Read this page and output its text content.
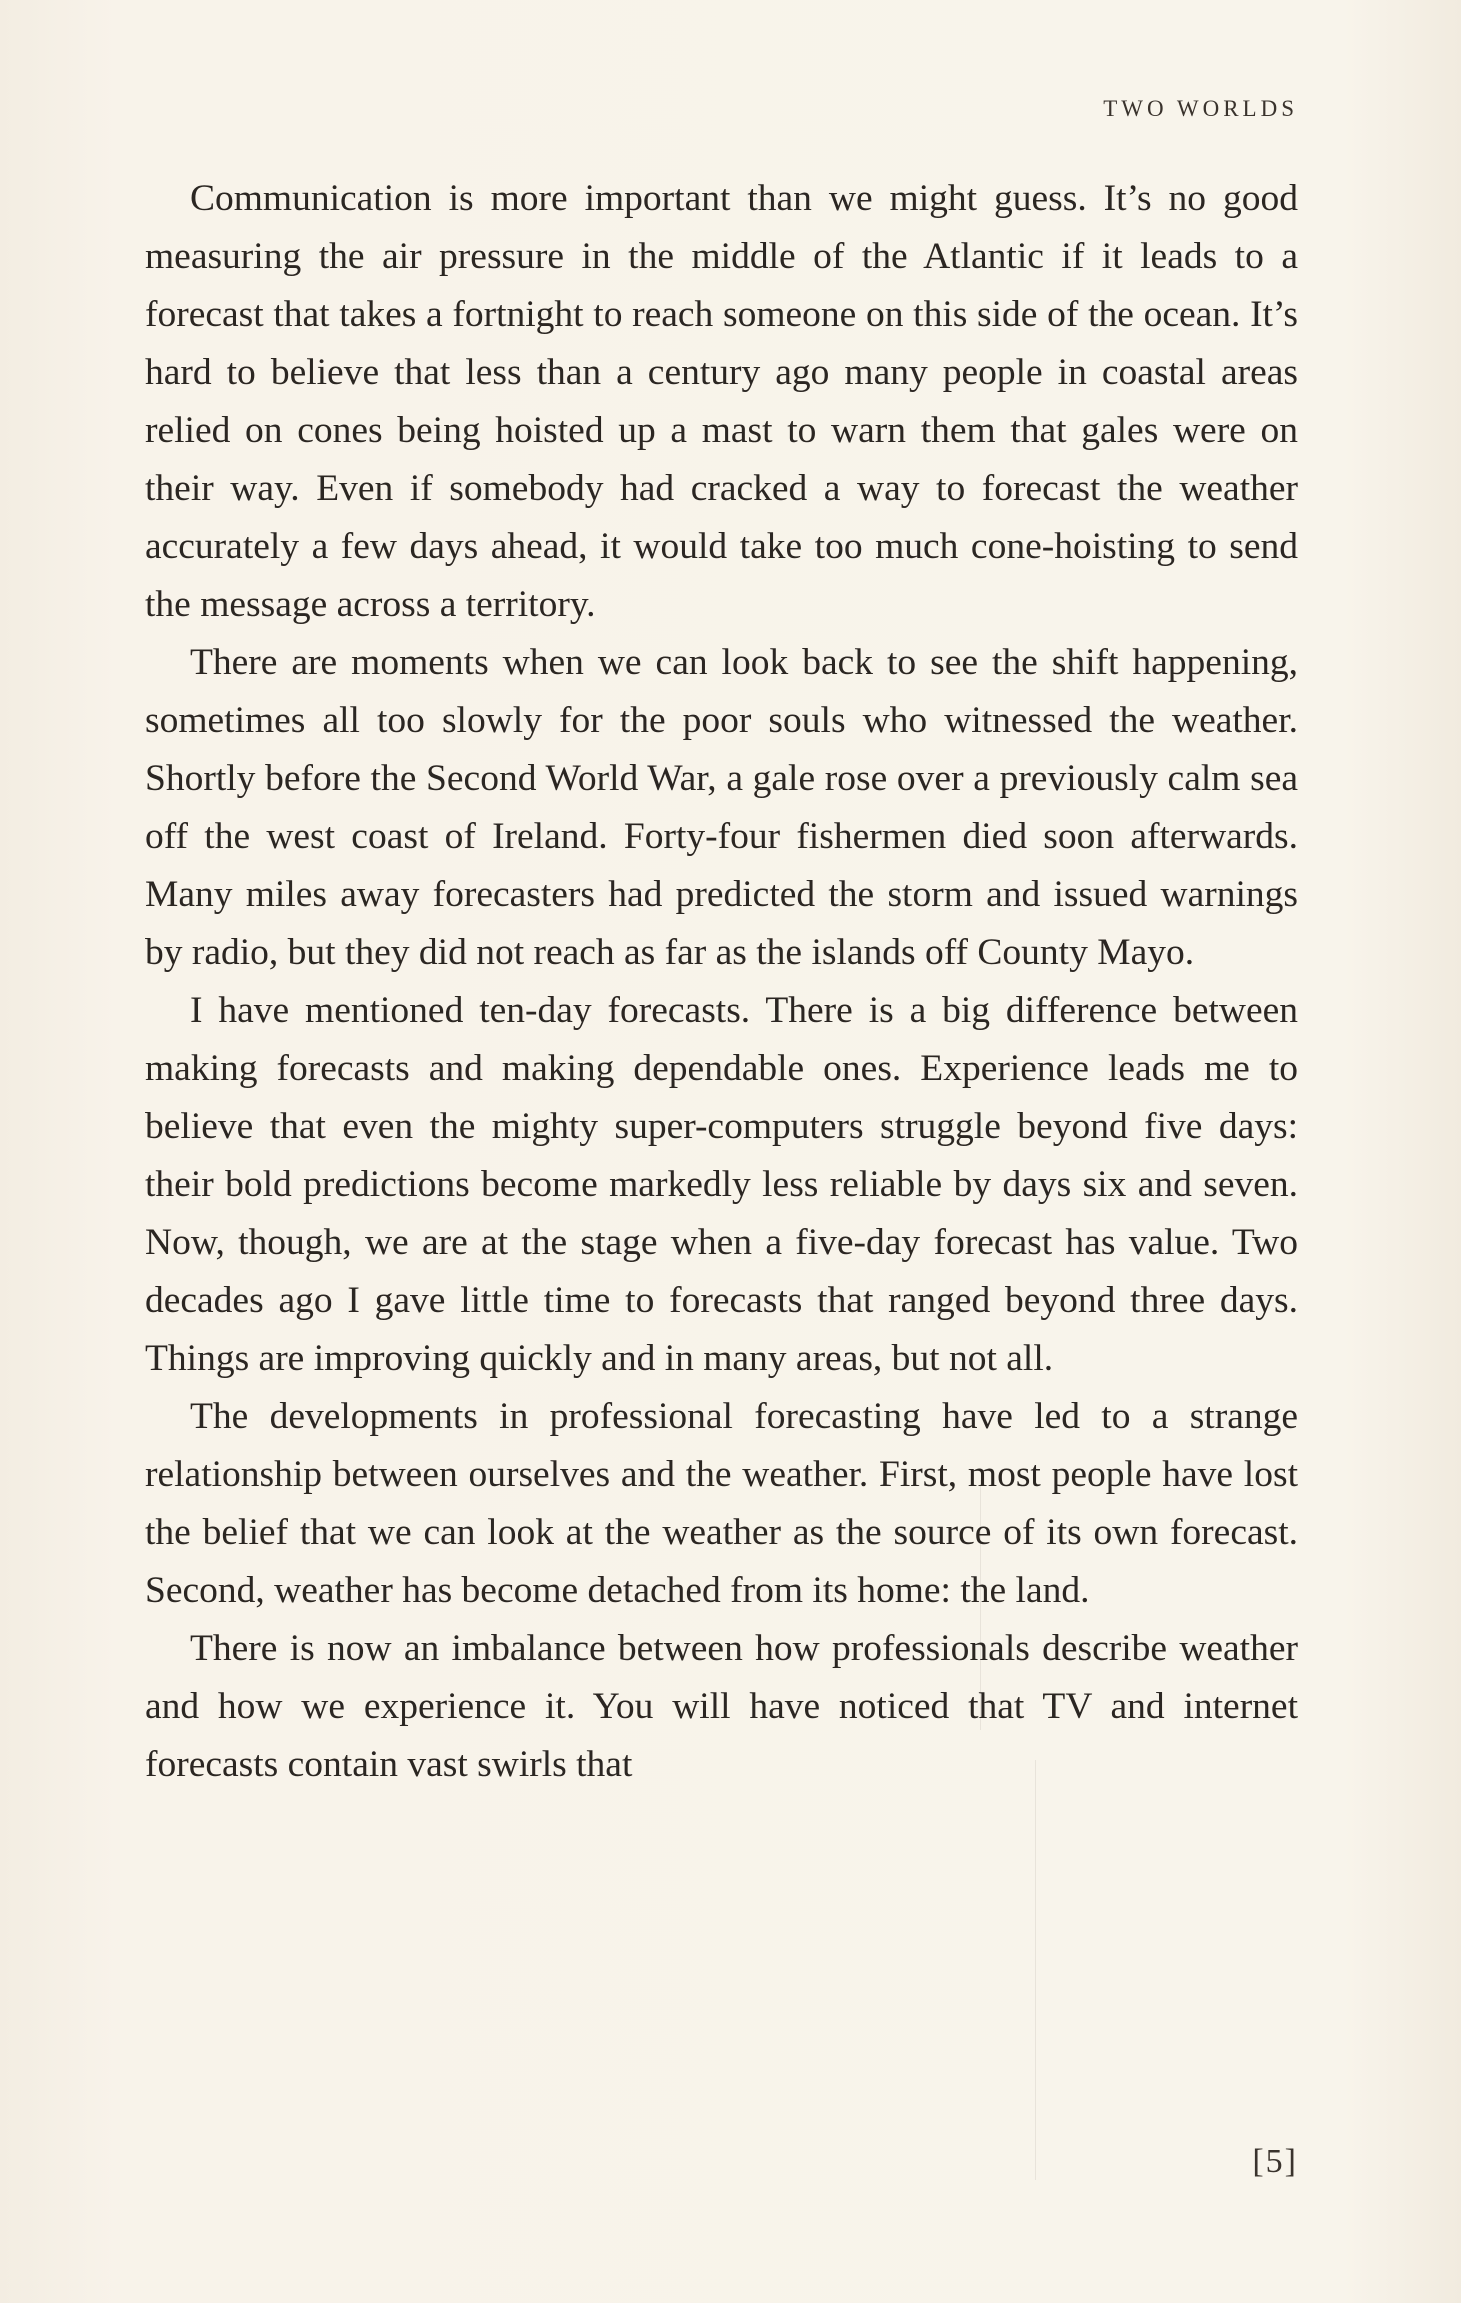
TWO WORLDS

Communication is more important than we might guess. It’s no good measuring the air pressure in the middle of the Atlantic if it leads to a forecast that takes a fortnight to reach someone on this side of the ocean. It’s hard to believe that less than a century ago many people in coastal areas relied on cones being hoisted up a mast to warn them that gales were on their way. Even if somebody had cracked a way to forecast the weather accurately a few days ahead, it would take too much cone-hoisting to send the message across a territory.

There are moments when we can look back to see the shift happening, sometimes all too slowly for the poor souls who witnessed the weather. Shortly before the Second World War, a gale rose over a previously calm sea off the west coast of Ireland. Forty-four fishermen died soon afterwards. Many miles away forecasters had predicted the storm and issued warnings by radio, but they did not reach as far as the islands off County Mayo.

I have mentioned ten-day forecasts. There is a big difference between making forecasts and making dependable ones. Experience leads me to believe that even the mighty super-computers struggle beyond five days: their bold predictions become markedly less reliable by days six and seven. Now, though, we are at the stage when a five-day forecast has value. Two decades ago I gave little time to forecasts that ranged beyond three days. Things are improving quickly and in many areas, but not all.

The developments in professional forecasting have led to a strange relationship between ourselves and the weather. First, most people have lost the belief that we can look at the weather as the source of its own forecast. Second, weather has become detached from its home: the land.

There is now an imbalance between how professionals describe weather and how we experience it. You will have noticed that TV and internet forecasts contain vast swirls that

[5]
